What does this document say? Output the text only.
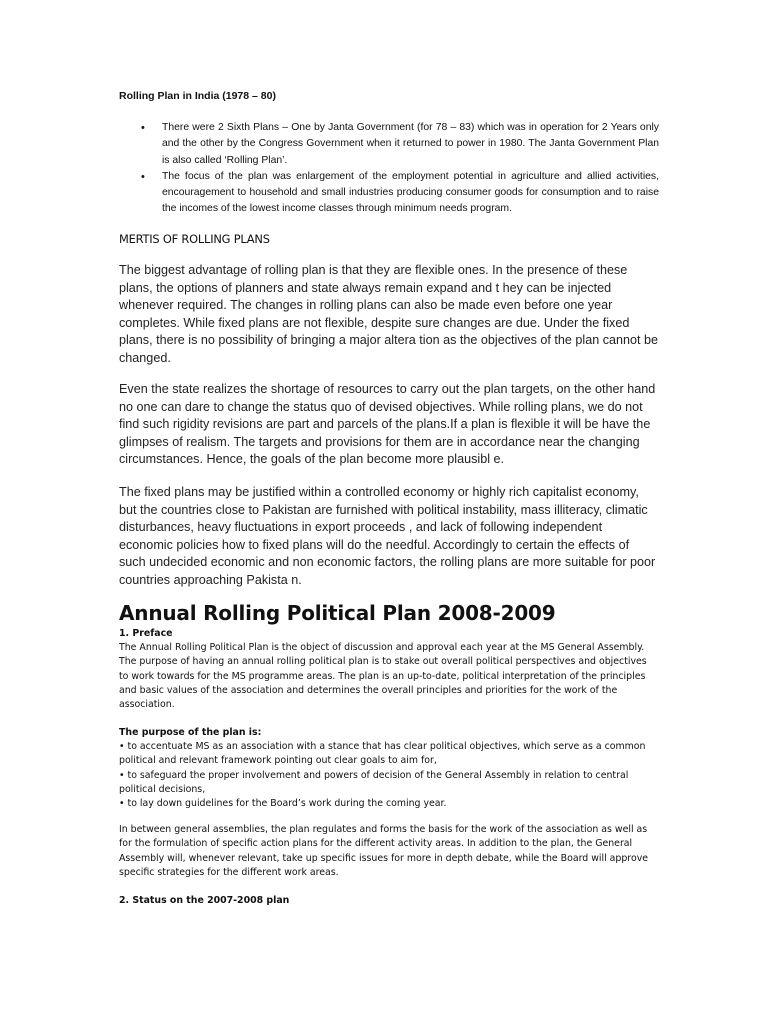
Rolling Plan in India (1978 – 80)
• There were 2 Sixth Plans – One by Janta Government (for 78 – 83) which was in operation for 2 Years only and the other by the Congress Government when it returned to power in 1980. The Janta Government Plan is also called ‘Rolling Plan’.
• The focus of the plan was enlargement of the employment potential in agriculture and allied activities, encouragement to household and small industries producing consumer goods for consumption and to raise the incomes of the lowest income classes through minimum needs program.
MERTIS OF ROLLING PLANS

The biggest advantage of rolling plan is that they are flexible ones. In the presence of these plans, the options of planners and state always remain expand and t hey can be injected whenever required. The changes in rolling plans can also be made even before one year completes. While fixed plans are not flexible, despite sure changes are due. Under the fixed plans, there is no possibility of bringing a major altera tion as the objectives of the plan cannot be changed.

Even the state realizes the shortage of resources to carry out the plan targets, on the other hand no one can dare to change the status quo of devised objectives. While rolling plans, we do not find such rigidity revisions are part and parcels of the plans.If a plan is flexible it will be have the glimpses of realism. The targets and provisions for them are in accordance near the changing circumstances. Hence, the goals of the plan become more plausibl e.

The fixed plans may be justified within a controlled economy or highly rich capitalist economy, but the countries close to Pakistan are furnished with political instability, mass illiteracy, climatic disturbances, heavy fluctuations in export proceeds , and lack of following independent economic policies how to fixed plans will do the needful. Accordingly to certain the effects of such undecided economic and non economic factors, the rolling plans are more suitable for poor countries approaching Pakista n.

Annual Rolling Political Plan 2008-2009
1. Preface

The Annual Rolling Political Plan is the object of discussion and approval each year at the MS General Assembly. The purpose of having an annual rolling political plan is to stake out overall political perspectives and objectives to work towards for the MS programme areas. The plan is an up-to-date, political interpretation of the principles and basic values of the association and determines the overall principles and priorities for the work of the association.

The purpose of the plan is:
• to accentuate MS as an association with a stance that has clear political objectives, which serve as a common political and relevant framework pointing out clear goals to aim for,
• to safeguard the proper involvement and powers of decision of the General Assembly in relation to central political decisions,
• to lay down guidelines for the Board’s work during the coming year.

In between general assemblies, the plan regulates and forms the basis for the work of the association as well as for the formulation of specific action plans for the different activity areas. In addition to the plan, the General Assembly will, whenever relevant, take up specific issues for more in depth debate, while the Board will approve specific strategies for the different work areas.

2. Status on the 2007-2008 plan
